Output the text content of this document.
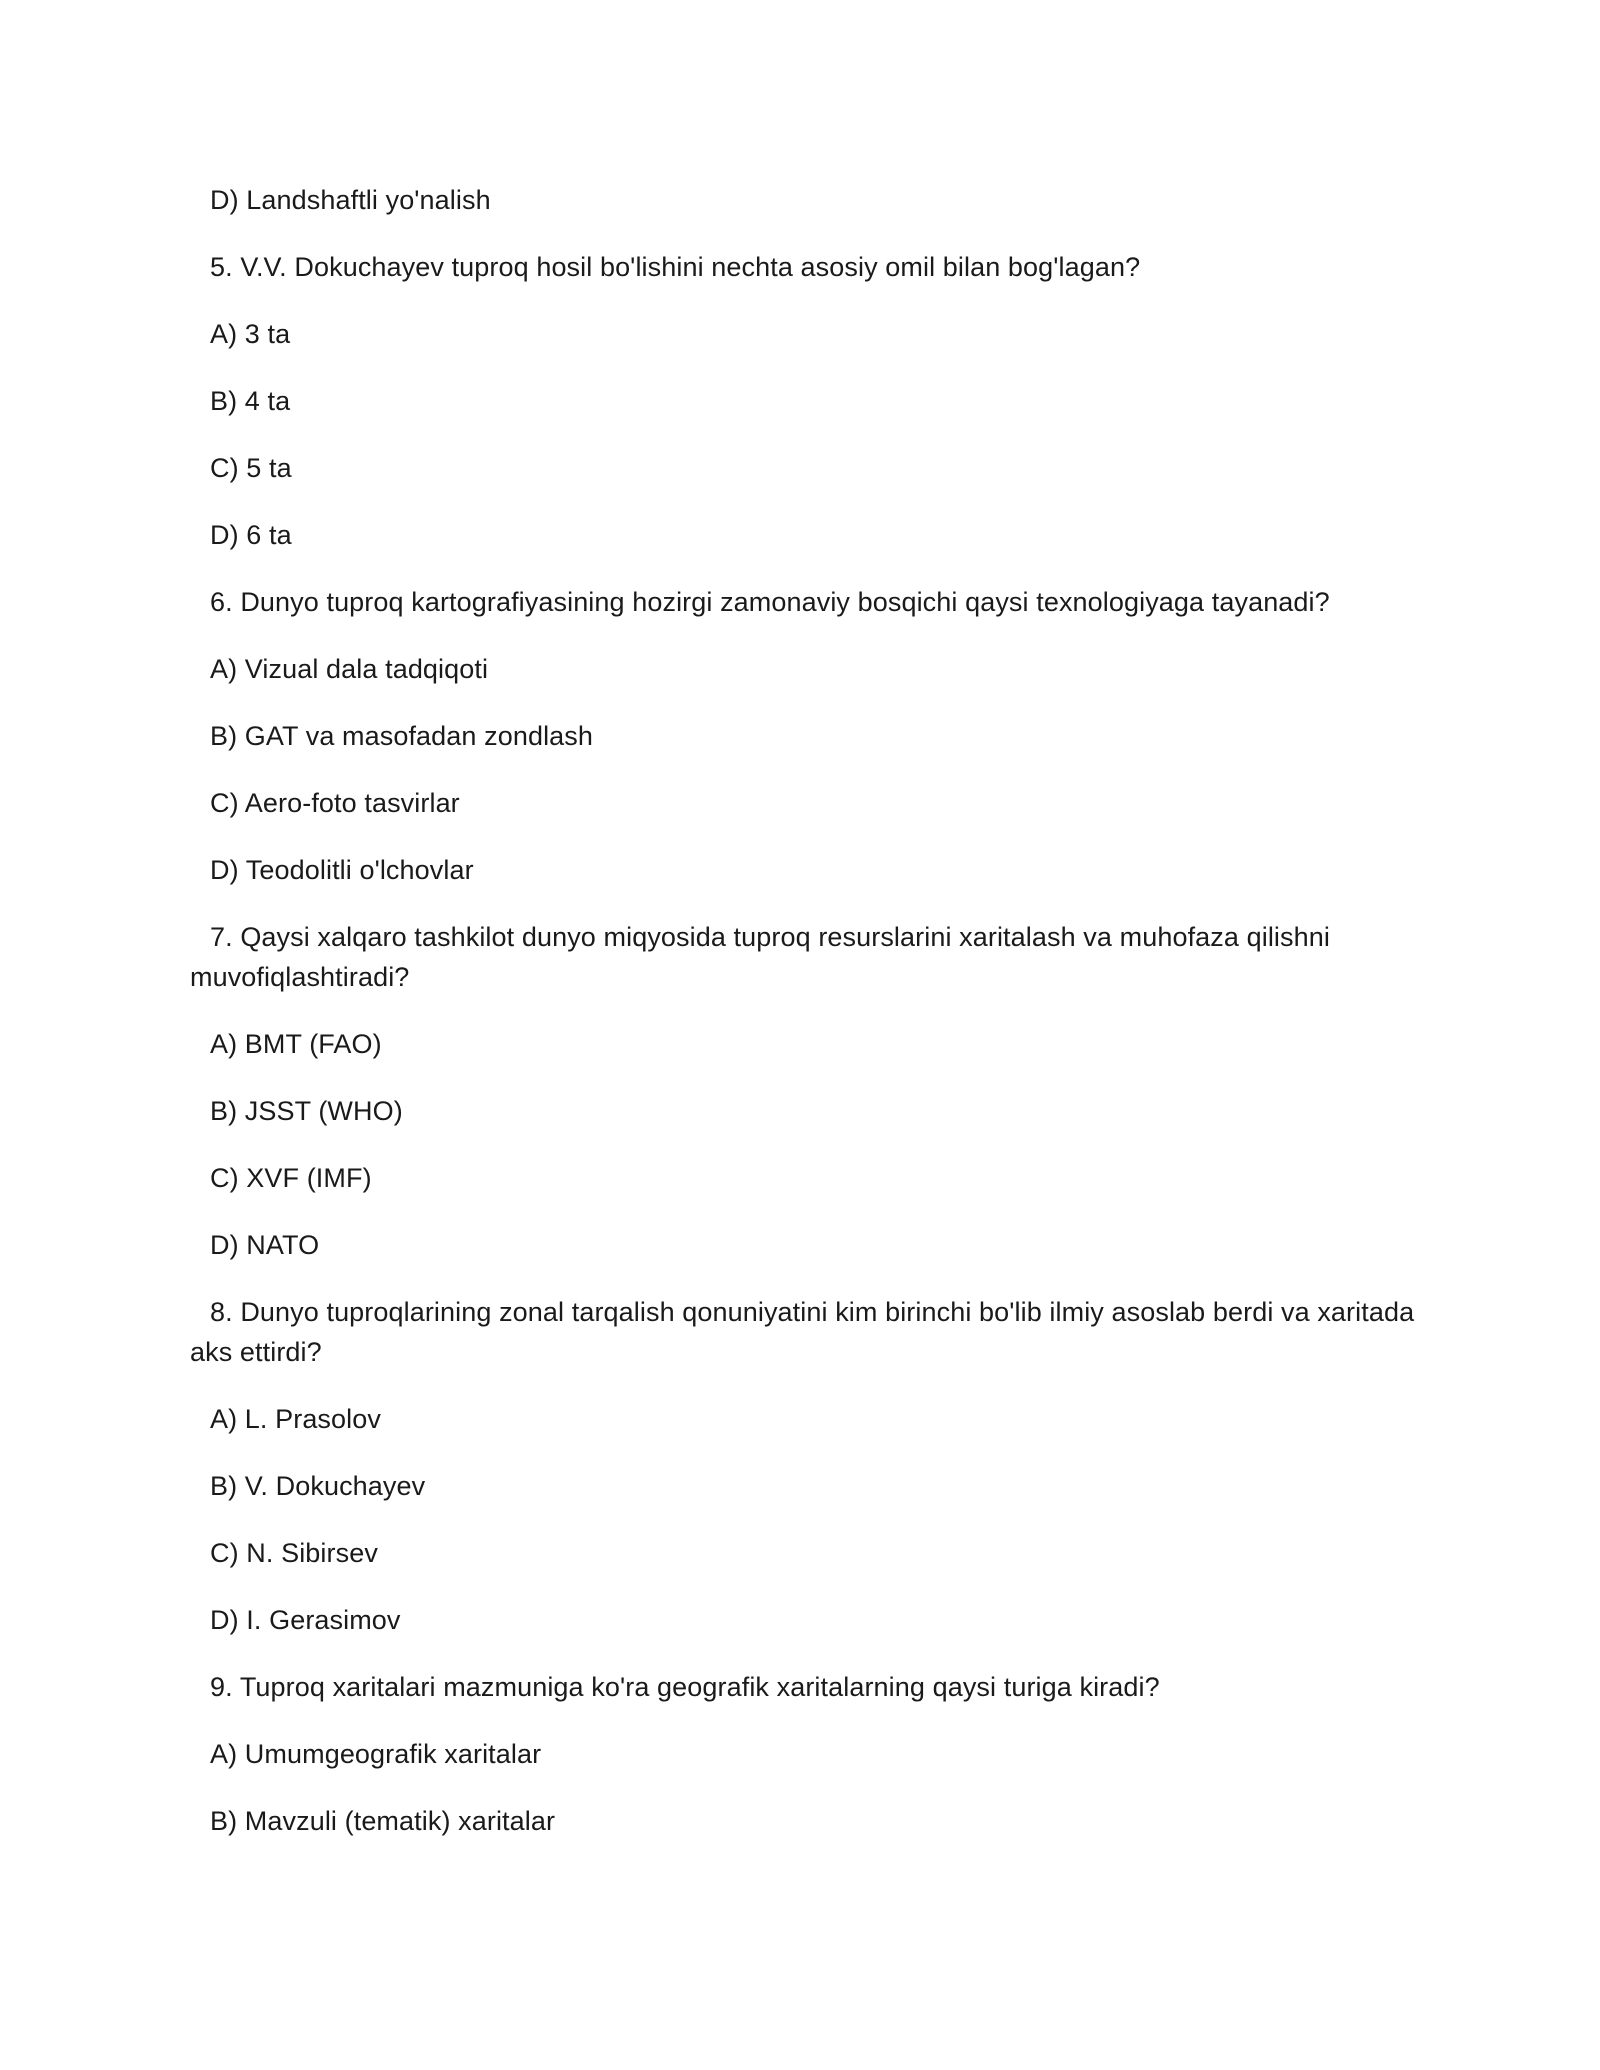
D) Landshaftli yo'nalish

5. V.V. Dokuchayev tuproq hosil bo'lishini nechta asosiy omil bilan bog'lagan?

A) 3 ta

B) 4 ta

C) 5 ta

D) 6 ta

6. Dunyo tuproq kartografiyasining hozirgi zamonaviy bosqichi qaysi texnologiyaga tayanadi?

A) Vizual dala tadqiqoti

B) GAT va masofadan zondlash

C) Aero-foto tasvirlar

D) Teodolitli o'lchovlar

7. Qaysi xalqaro tashkilot dunyo miqyosida tuproq resurslarini xaritalash va muhofaza qilishni muvofiqlashtiradi?

A) BMT (FAO)

B) JSST (WHO)

C) XVF (IMF)

D) NATO

8. Dunyo tuproqlarining zonal tarqalish qonuniyatini kim birinchi bo'lib ilmiy asoslab berdi va xaritada aks ettirdi?

A) L. Prasolov

B) V. Dokuchayev

C) N. Sibirsev

D) I. Gerasimov

9. Tuproq xaritalari mazmuniga ko'ra geografik xaritalarning qaysi turiga kiradi?

A) Umumgeografik xaritalar

B) Mavzuli (tematik) xaritalar
